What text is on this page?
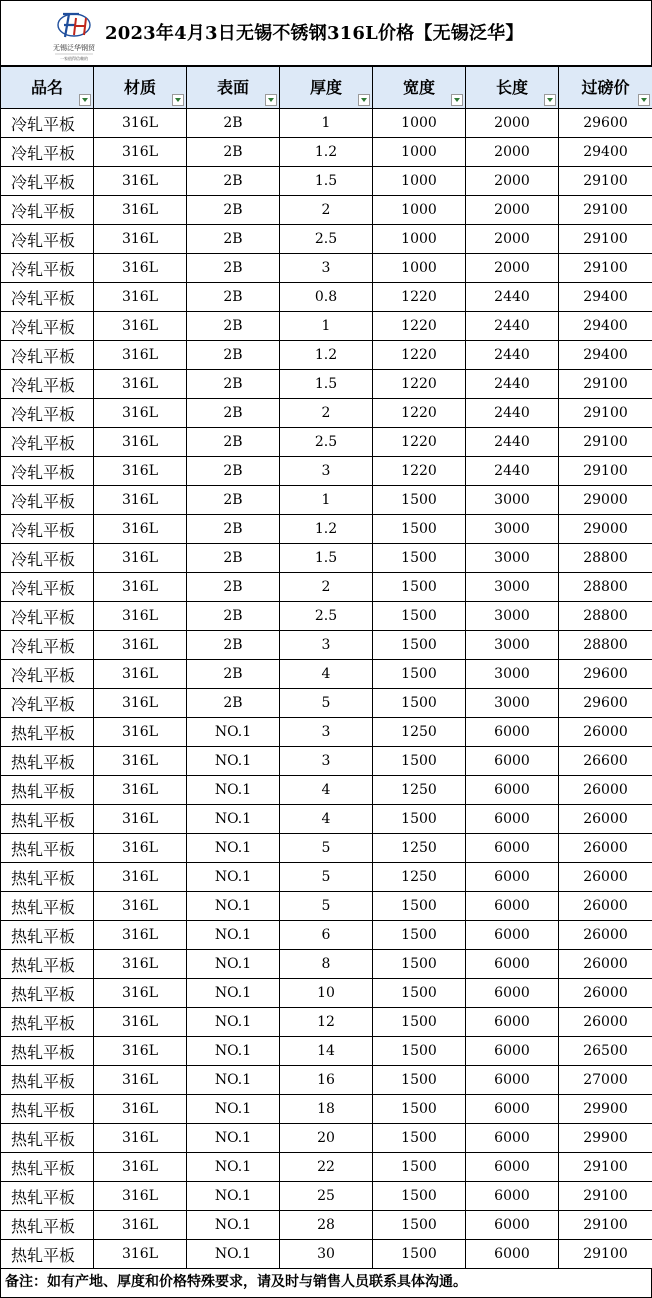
无锡泛华钢贸
一家值得信赖的
2023年4月3日无锡不锈钢316L价格【无锡泛华】
品名	材质	表面	厚度	宽度	长度	过磅价

冷轧平板	316L	2B	1	1000	2000	29600
冷轧平板	316L	2B	1.2	1000	2000	29400
冷轧平板	316L	2B	1.5	1000	2000	29100
冷轧平板	316L	2B	2	1000	2000	29100
冷轧平板	316L	2B	2.5	1000	2000	29100
冷轧平板	316L	2B	3	1000	2000	29100
冷轧平板	316L	2B	0.8	1220	2440	29400
冷轧平板	316L	2B	1	1220	2440	29400
冷轧平板	316L	2B	1.2	1220	2440	29400
冷轧平板	316L	2B	1.5	1220	2440	29100
冷轧平板	316L	2B	2	1220	2440	29100
冷轧平板	316L	2B	2.5	1220	2440	29100
冷轧平板	316L	2B	3	1220	2440	29100
冷轧平板	316L	2B	1	1500	3000	29000
冷轧平板	316L	2B	1.2	1500	3000	29000
冷轧平板	316L	2B	1.5	1500	3000	28800
冷轧平板	316L	2B	2	1500	3000	28800
冷轧平板	316L	2B	2.5	1500	3000	28800
冷轧平板	316L	2B	3	1500	3000	28800
冷轧平板	316L	2B	4	1500	3000	29600
冷轧平板	316L	2B	5	1500	3000	29600
热轧平板	316L	NO.1	3	1250	6000	26000
热轧平板	316L	NO.1	3	1500	6000	26600
热轧平板	316L	NO.1	4	1250	6000	26000
热轧平板	316L	NO.1	4	1500	6000	26000
热轧平板	316L	NO.1	5	1250	6000	26000
热轧平板	316L	NO.1	5	1250	6000	26000
热轧平板	316L	NO.1	5	1500	6000	26000
热轧平板	316L	NO.1	6	1500	6000	26000
热轧平板	316L	NO.1	8	1500	6000	26000
热轧平板	316L	NO.1	10	1500	6000	26000
热轧平板	316L	NO.1	12	1500	6000	26000
热轧平板	316L	NO.1	14	1500	6000	26500
热轧平板	316L	NO.1	16	1500	6000	27000
热轧平板	316L	NO.1	18	1500	6000	29900
热轧平板	316L	NO.1	20	1500	6000	29900
热轧平板	316L	NO.1	22	1500	6000	29100
热轧平板	316L	NO.1	25	1500	6000	29100
热轧平板	316L	NO.1	28	1500	6000	29100
热轧平板	316L	NO.1	30	1500	6000	29100
备注：如有产地、厚度和价格特殊要求，请及时与销售人员联系具体沟通。
